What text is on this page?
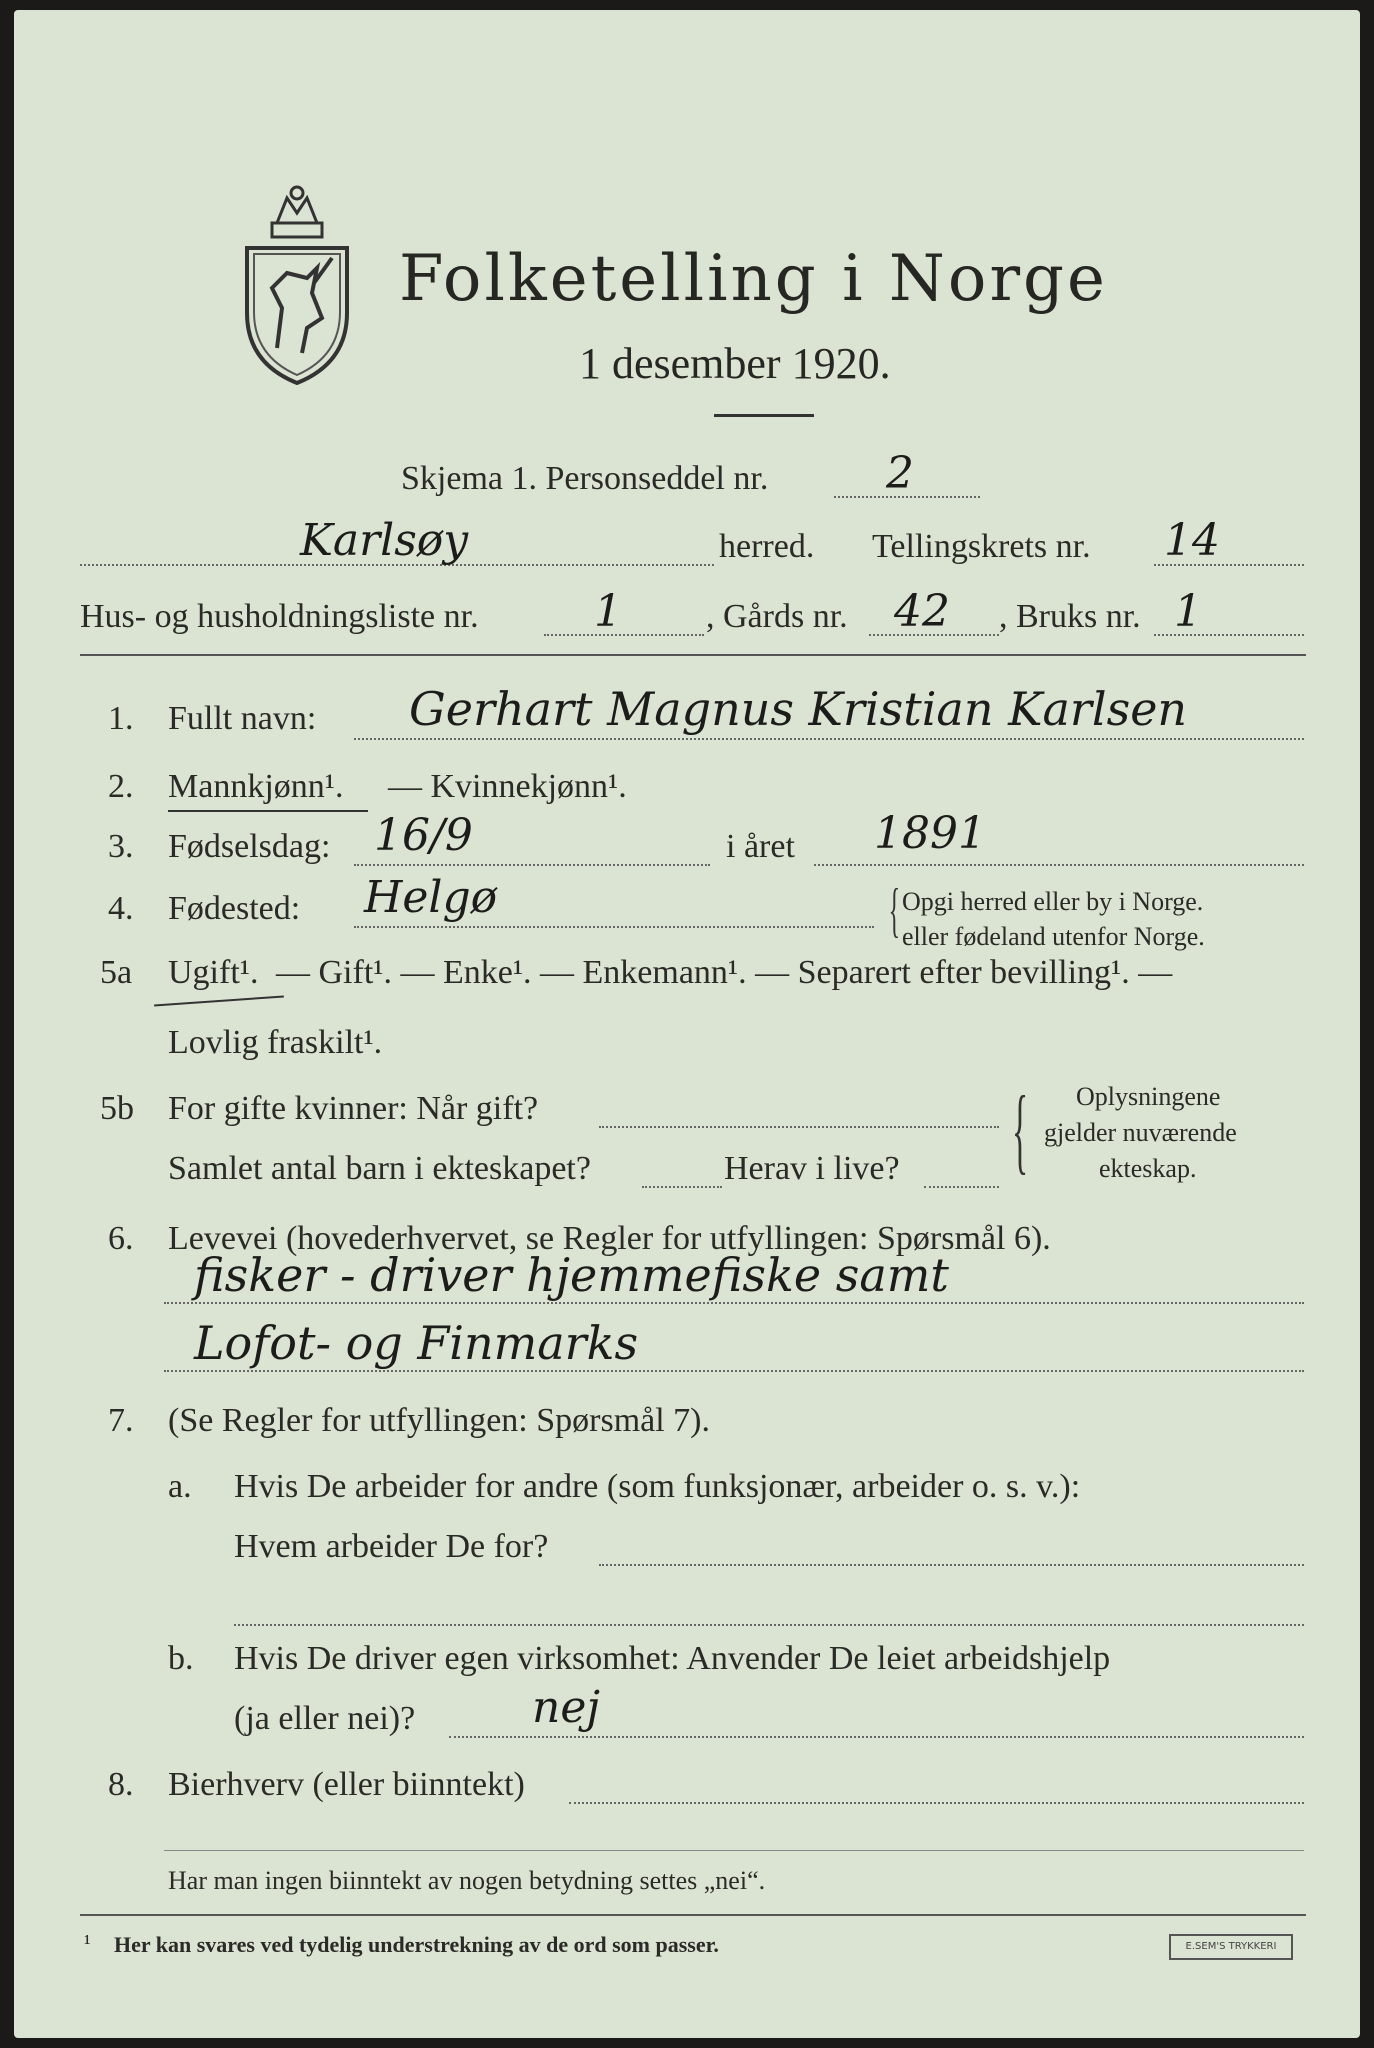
Folketelling i Norge
1 desember 1920.
Skjema 1. Personseddel nr.	2
Karlsøy	herred. Tellingskrets nr. 14
Hus- og husholdningsliste nr.	1 , Gårds nr. 42 , Bruks nr. 1
1. Fullt navn: Gerhart Magnus Kristian Karlsen
2. Mannkjønn¹. — Kvinnekjønn¹.
3. Fødselsdag: 16/9	i året 1891
4. Fødested: Helgø	{ Opgi herred eller by i Norge.
eller fødeland utenfor Norge.
5a Ugift¹. — Gift¹. — Enke¹. — Enkemann¹. — Separert efter bevilling¹. —
Lovlig fraskilt¹.
5b For gifte kvinner: Når gift?
Samlet antal barn i ekteskapet?	Herav i live? { Oplysningene
gjelder nuværende
ekteskap.
6. Levevei (hovederhvervet, se Regler for utfyllingen: Spørsmål 6).
fisker - driver hjemmefiske samt
Lofot- og Finmarks
7. (Se Regler for utfyllingen: Spørsmål 7).
a. Hvis De arbeider for andre (som funksjonær, arbeider o. s. v.):
Hvem arbeider De for?
b. Hvis De driver egen virksomhet: Anvender De leiet arbeidshjelp
(ja eller nei)?	nej
8. Bierhverv (eller biinntekt)
Har man ingen biinntekt av nogen betydning settes „nei“.
¹ Her kan svares ved tydelig understrekning av de ord som passer.	E.SEM'S TRYKKERI
